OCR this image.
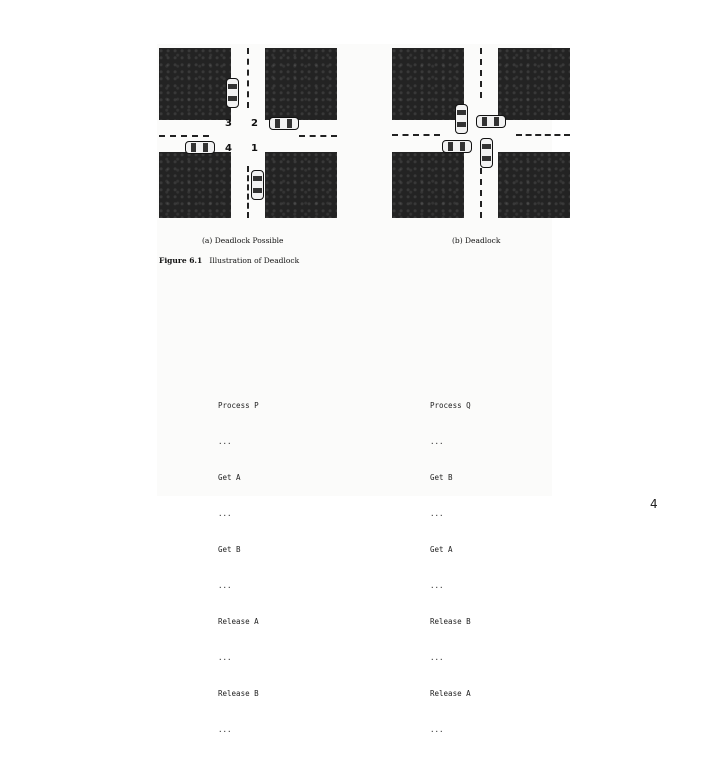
3 2
4 1
(a) Deadlock Possible	(b) Deadlock
Figure 6.1 Illustration of Deadlock

Process P

...

Get A

...

Get B

...

Release A

...

Release B

...

Process Q

...

Get B

...

Get A

...

Release B

...

Release A

...

4
